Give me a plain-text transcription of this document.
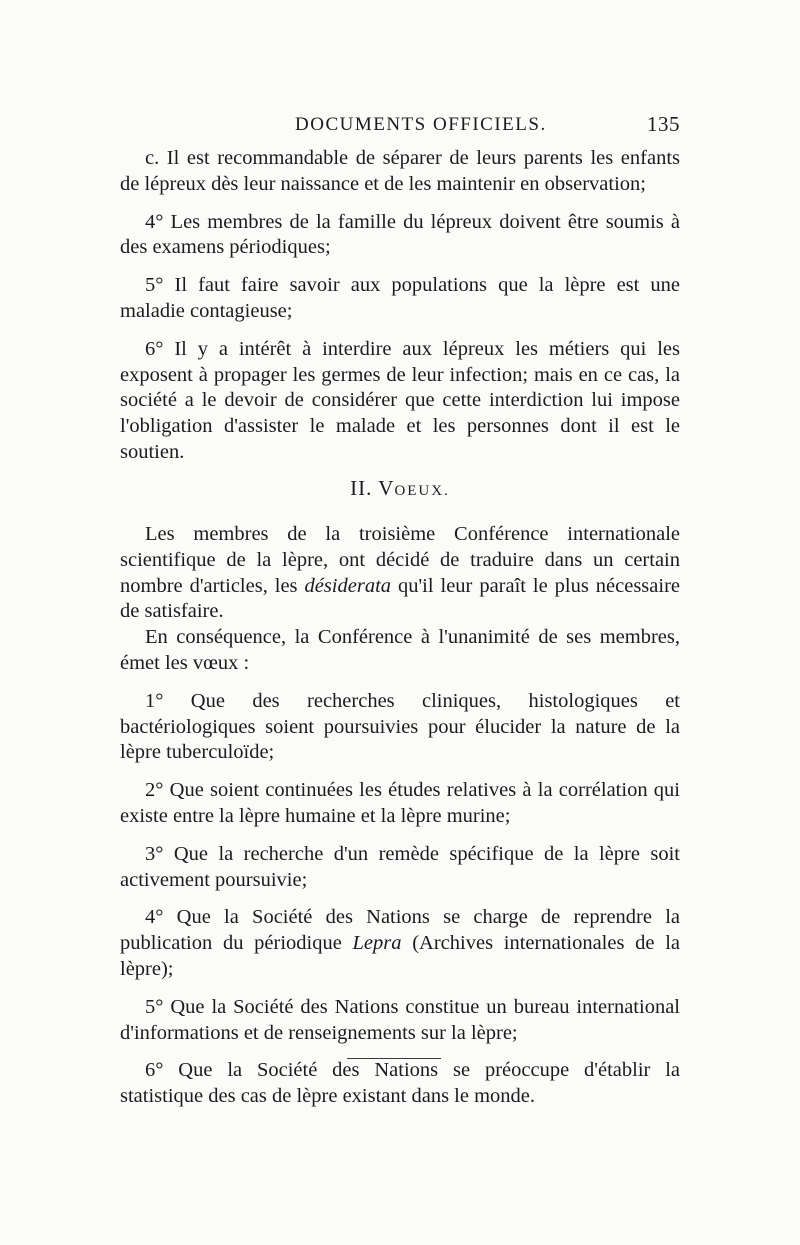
DOCUMENTS OFFICIELS.	135

c. Il est recommandable de séparer de leurs parents les enfants de lépreux dès leur naissance et de les maintenir en observation;

4° Les membres de la famille du lépreux doivent être soumis à des examens périodiques;

5° Il faut faire savoir aux populations que la lèpre est une maladie contagieuse;

6° Il y a intérêt à interdire aux lépreux les métiers qui les exposent à propager les germes de leur infection; mais en ce cas, la société a le devoir de considérer que cette interdiction lui impose l'obligation d'assister le malade et les personnes dont il est le soutien.

II. VOEUX.

Les membres de la troisième Conférence internationale scientifique de la lèpre, ont décidé de traduire dans un certain nombre d'articles, les désiderata qu'il leur paraît le plus nécessaire de satisfaire.

En conséquence, la Conférence à l'unanimité de ses membres, émet les vœux :

1° Que des recherches cliniques, histologiques et bactériologiques soient poursuivies pour élucider la nature de la lèpre tuberculoïde;

2° Que soient continuées les études relatives à la corrélation qui existe entre la lèpre humaine et la lèpre murine;

3° Que la recherche d'un remède spécifique de la lèpre soit activement poursuivie;

4° Que la Société des Nations se charge de reprendre la publication du périodique Lepra (Archives internationales de la lèpre);

5° Que la Société des Nations constitue un bureau international d'informations et de renseignements sur la lèpre;

6° Que la Société des Nations se préoccupe d'établir la statistique des cas de lèpre existant dans le monde.
